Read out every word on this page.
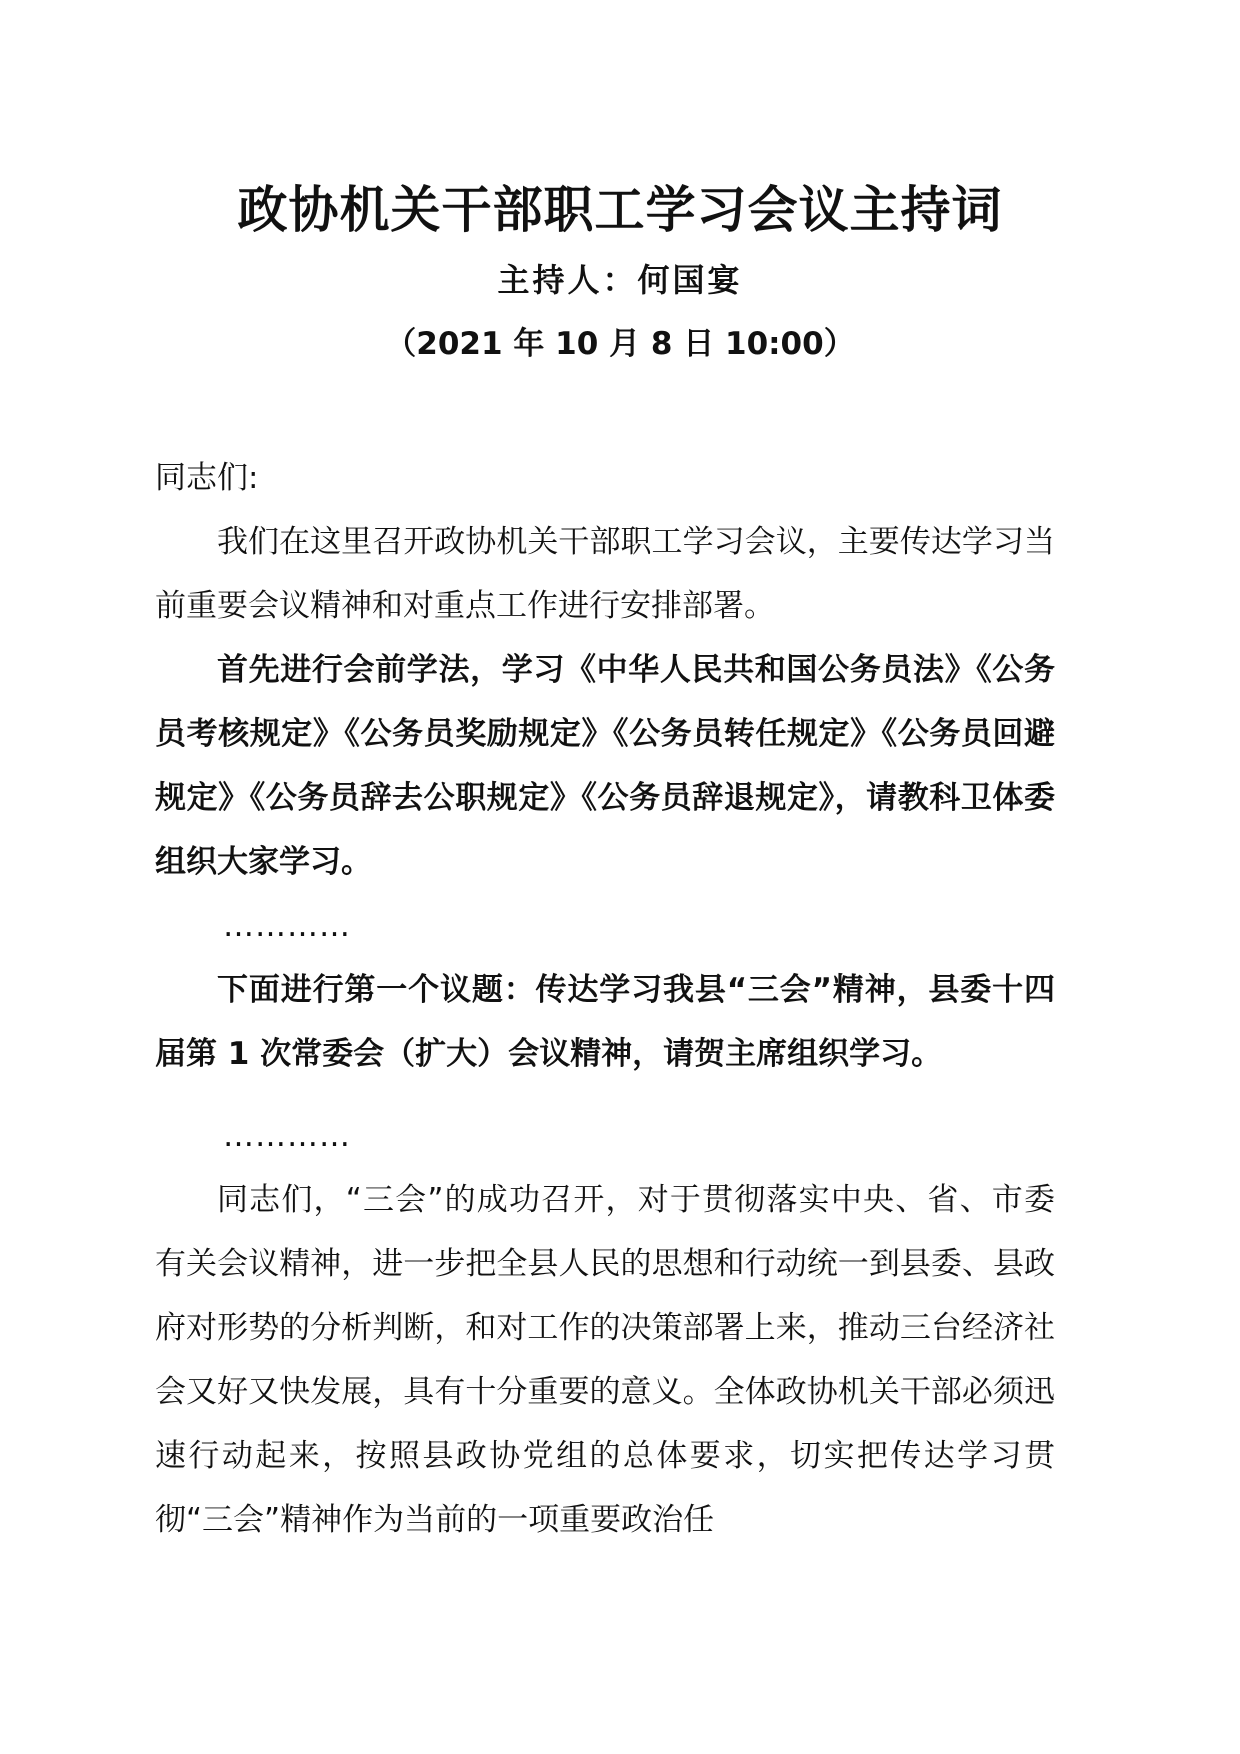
政协机关干部职工学习会议主持词
主持人：何国宴
（2021 年 10 月 8 日 10:00）

同志们:

我们在这里召开政协机关干部职工学习会议，主要传达学习当前重要会议精神和对重点工作进行安排部署。

首先进行会前学法，学习《中华人民共和国公务员法》《公务员考核规定》《公务员奖励规定》《公务员转任规定》《公务员回避规定》《公务员辞去公职规定》《公务员辞退规定》，请教科卫体委组织大家学习。

…………

下面进行第一个议题：传达学习我县“三会”精神，县委十四届第 1 次常委会（扩大）会议精神，请贺主席组织学习。

…………

同志们，“三会”的成功召开，对于贯彻落实中央、省、市委有关会议精神，进一步把全县人民的思想和行动统一到县委、县政府对形势的分析判断，和对工作的决策部署上来，推动三台经济社会又好又快发展，具有十分重要的意义。全体政协机关干部必须迅速行动起来，按照县政协党组的总体要求，切实把传达学习贯彻“三会”精神作为当前的一项重要政治任
